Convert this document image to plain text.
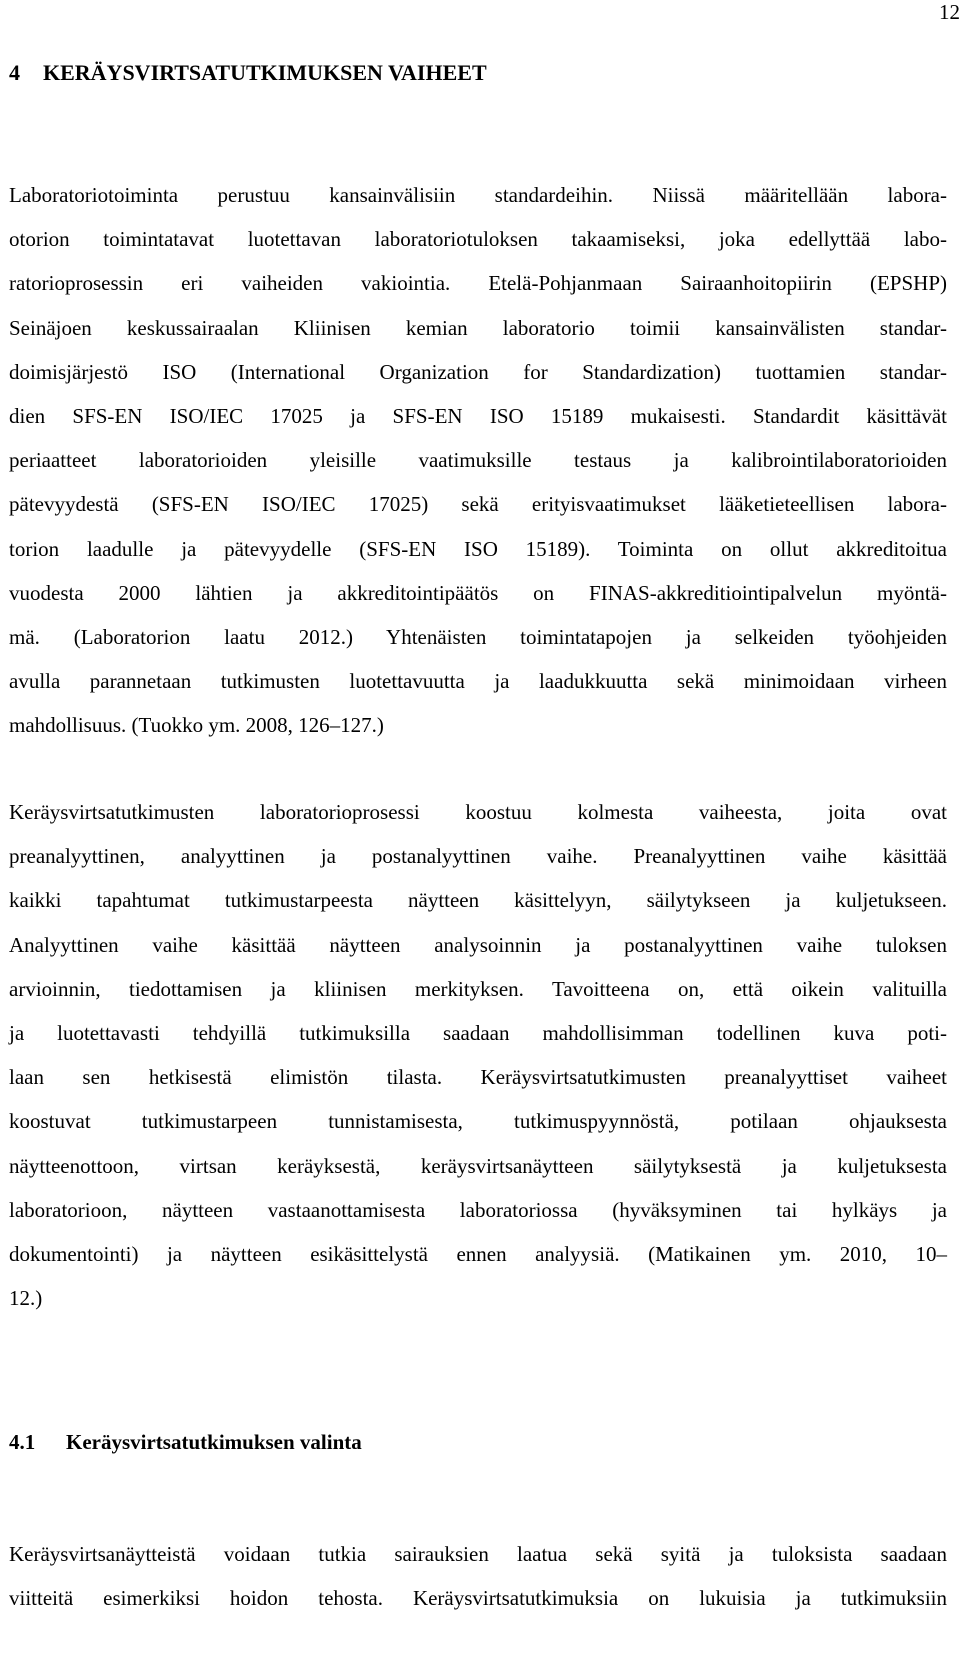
12
4 KERÄYSVIRTSATUTKIMUKSEN VAIHEET
Laboratoriotoiminta perustuu kansainvälisiin standardeihin. Niissä määritellään labora-
otorion toimintatavat luotettavan laboratoriotuloksen takaamiseksi, joka edellyttää labo-
ratorioprosessin eri vaiheiden vakiointia. Etelä-Pohjanmaan Sairaanhoitopiirin (EPSHP)
Seinäjoen keskussairaalan Kliinisen kemian laboratorio toimii kansainvälisten standar-
doimisjärjestö ISO (International Organization for Standardization) tuottamien standar-
dien SFS-EN ISO/IEC 17025 ja SFS-EN ISO 15189 mukaisesti. Standardit käsittävät
periaatteet laboratorioiden yleisille vaatimuksille testaus ja kalibrointilaboratorioiden
pätevyydestä (SFS-EN ISO/IEC 17025) sekä erityisvaatimukset lääketieteellisen labora-
torion laadulle ja pätevyydelle (SFS-EN ISO 15189). Toiminta on ollut akkreditoitua
vuodesta 2000 lähtien ja akkreditointipäätös on FINAS-akkreditiointipalvelun myöntä-
mä. (Laboratorion laatu 2012.) Yhtenäisten toimintatapojen ja selkeiden työohjeiden
avulla parannetaan tutkimusten luotettavuutta ja laadukkuutta sekä minimoidaan virheen
mahdollisuus. (Tuokko ym. 2008, 126–127.)
Keräysvirtsatutkimusten laboratorioprosessi koostuu kolmesta vaiheesta, joita ovat
preanalyyttinen, analyyttinen ja postanalyyttinen vaihe. Preanalyyttinen vaihe käsittää
kaikki tapahtumat tutkimustarpeesta näytteen käsittelyyn, säilytykseen ja kuljetukseen.
Analyyttinen vaihe käsittää näytteen analysoinnin ja postanalyyttinen vaihe tuloksen
arvioinnin, tiedottamisen ja kliinisen merkityksen. Tavoitteena on, että oikein valituilla
ja luotettavasti tehdyillä tutkimuksilla saadaan mahdollisimman todellinen kuva poti-
laan sen hetkisestä elimistön tilasta. Keräysvirtsatutkimusten preanalyyttiset vaiheet
koostuvat tutkimustarpeen tunnistamisesta, tutkimuspyynnöstä, potilaan ohjauksesta
näytteenottoon, virtsan keräyksestä, keräysvirtsanäytteen säilytyksestä ja kuljetuksesta
laboratorioon, näytteen vastaanottamisesta laboratoriossa (hyväksyminen tai hylkäys ja
dokumentointi) ja näytteen esikäsittelystä ennen analyysiä. (Matikainen ym. 2010, 10–
12.)
4.1 Keräysvirtsatutkimuksen valinta
Keräysvirtsanäytteistä voidaan tutkia sairauksien laatua sekä syitä ja tuloksista saadaan
viitteitä esimerkiksi hoidon tehosta. Keräysvirtsatutkimuksia on lukuisia ja tutkimuksiin
